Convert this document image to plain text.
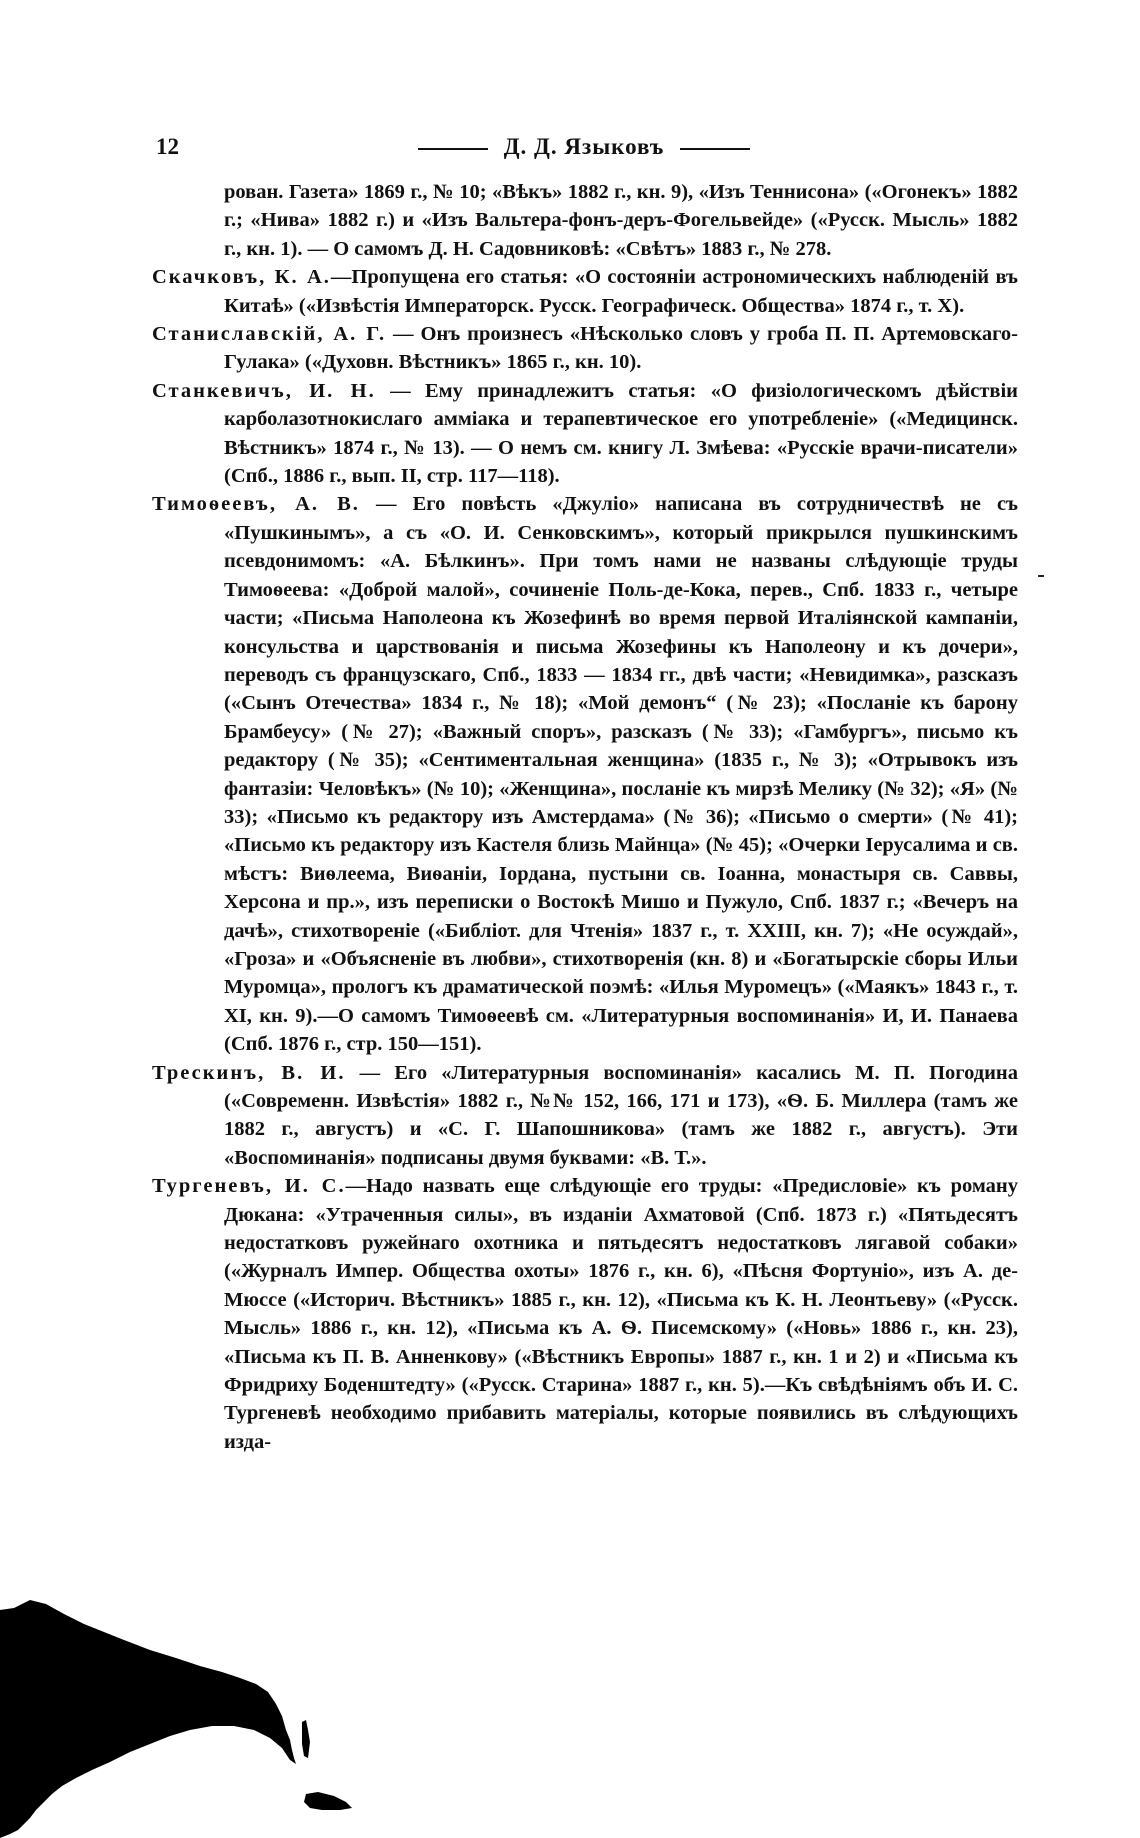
12	Д. Д. Языковъ

рован. Газета» 1869 г., № 10; «Вѣкъ» 1882 г., кн. 9), «Изъ Теннисона» («Огонекъ» 1882 г.; «Нива» 1882 г.) и «Изъ Вальтера-фонъ-деръ-Фогельвейде» («Русск. Мысль» 1882 г., кн. 1). — О самомъ Д. Н. Садовниковѣ: «Свѣтъ» 1883 г., № 278.

Скачковъ, К. А.—Пропущена его статья: «О состояніи астрономическихъ наблюденій въ Китаѣ» («Извѣстія Императорск. Русск. Географическ. Общества» 1874 г., т. X).

Станиславскій, А. Г. — Онъ произнесъ «Нѣсколько словъ у гроба П. П. Артемовскаго-Гулака» («Духовн. Вѣстникъ» 1865 г., кн. 10).

Станкевичъ, И. Н. — Ему принадлежитъ статья: «О физіологическомъ дѣйствіи карболазотнокислаго аммiака и терапевтическое его употребленіе» («Медицинск. Вѣстникъ» 1874 г., № 13). — О немъ см. книгу Л. Змѣева: «Русскіе врачи-писатели» (Спб., 1886 г., вып. II, стр. 117—118).

Тимоѳеевъ, А. В. — Его повѣсть «Джуліо» написана въ сотрудничествѣ не съ «Пушкинымъ», а съ «О. И. Сенковскимъ», который прикрылся пушкинскимъ псевдонимомъ: «А. Бѣлкинъ». При томъ нами не названы слѣдующіе труды Тимоѳеева: «Доброй малой», сочиненіе Поль-де-Кока, перев., Спб. 1833 г., четыре части; «Письма Наполеона къ Жозефинѣ во время первой Италіянской кампаніи, консульства и царствованія и письма Жозефины къ Наполеону и къ дочери», переводъ съ французскаго, Спб., 1833 — 1834 гг., двѣ части; «Невидимка», разсказъ («Сынъ Отечества» 1834 г., № 18); «Мой демонъ“ (№ 23); «Посланіе къ барону Брамбеусу» (№ 27); «Важный споръ», разсказъ (№ 33); «Гамбургъ», письмо къ редактору (№ 35); «Сентиментальная женщина» (1835 г., № 3); «Отрывокъ изъ фантазіи: Человѣкъ» (№ 10); «Женщина», посланіе къ мирзѣ Мелику (№ 32); «Я» (№ 33); «Письмо къ редактору изъ Амстердама» (№ 36); «Письмо о смерти» (№ 41); «Письмо къ редактору изъ Кастеля близь Майнца» (№ 45); «Очерки Іерусалима и св. мѣстъ: Виѳлеема, Виѳаніи, Іордана, пустыни св. Іоанна, монастыря св. Саввы, Херсона и пр.», изъ переписки о Востокѣ Мишо и Пужуло, Спб. 1837 г.; «Вечеръ на дачѣ», стихотвореніе («Библіот. для Чтенія» 1837 г., т. XXIII, кн. 7); «Не осуждай», «Гроза» и «Объясненіе въ любви», стихотворенія (кн. 8) и «Богатырскіе сборы Ильи Муромца», прологъ къ драматической поэмѣ: «Илья Муромецъ» («Маякъ» 1843 г., т. XI, кн. 9).—О самомъ Тимоѳеевѣ см. «Литературныя воспоминанія» И, И. Панаева (Спб. 1876 г., стр. 150—151).

Трескинъ, В. И. — Его «Литературныя воспоминанія» касались М. П. Погодина («Современн. Извѣстія» 1882 г., №№ 152, 166, 171 и 173), «Ѳ. Б. Миллера (тамъ же 1882 г., августъ) и «С. Г. Шапошникова» (тамъ же 1882 г., августъ). Эти «Воспоминанія» подписаны двумя буквами: «В. Т.».

Тургеневъ, И. С.—Надо назвать еще слѣдующіе его труды: «Предисловіе» къ роману Дюкана: «Утраченныя силы», въ изданіи Ахматовой (Спб. 1873 г.) «Пятьдесятъ недостатковъ ружейнаго охотника и пятьдесятъ недостатковъ лягавой собаки» («Журналъ Импер. Общества охоты» 1876 г., кн. 6), «Пѣсня Фортуніо», изъ А. де-Мюссе («Историч. Вѣстникъ» 1885 г., кн. 12), «Письма къ К. Н. Леонтьеву» («Русск. Мысль» 1886 г., кн. 12), «Письма къ А. Ѳ. Писемскому» («Новь» 1886 г., кн. 23), «Письма къ П. В. Анненкову» («Вѣстникъ Европы» 1887 г., кн. 1 и 2) и «Письма къ Фридриху Боденштедту» («Русск. Старина» 1887 г., кн. 5).—Къ свѣдѣніямъ объ И. С. Тургеневѣ необходимо прибавить матеріалы, которые появились въ слѣдующихъ изда-
